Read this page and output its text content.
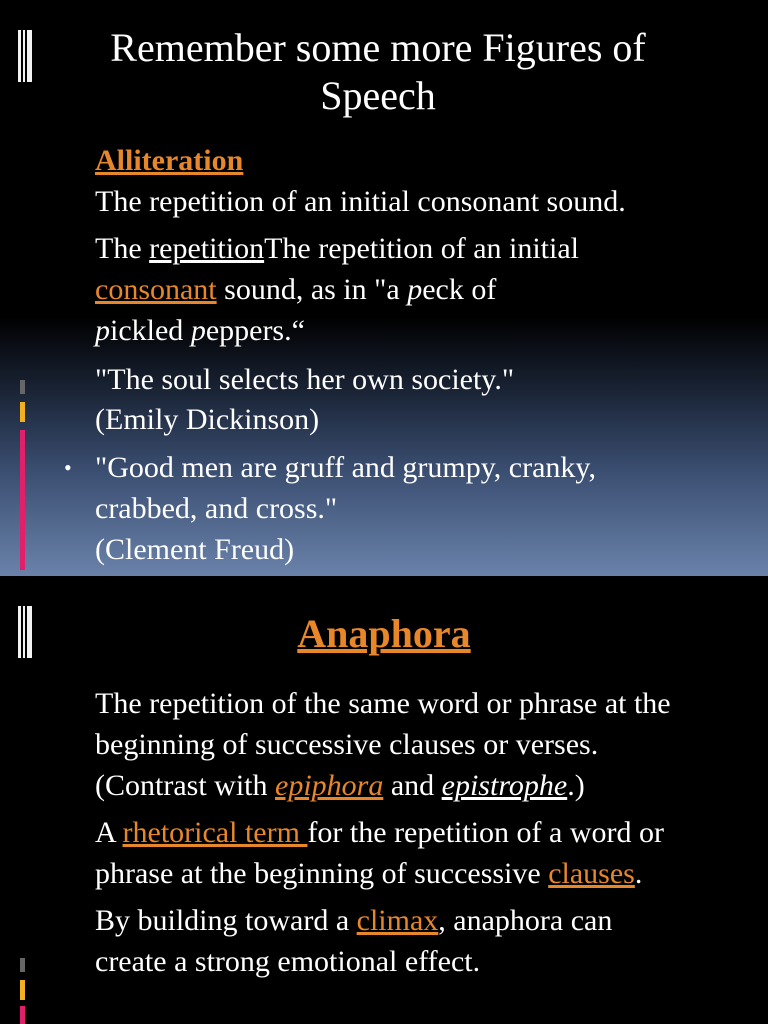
Remember some more Figures of
Speech
Alliteration
The repetition of an initial consonant sound.
The repetitionThe repetition of an initial
consonant sound, as in "a peck of
pickled peppers.“
"The soul selects her own society."
(Emily Dickinson)
• "Good men are gruff and grumpy, cranky,
crabbed, and cross."
(Clement Freud)
Anaphora
The repetition of the same word or phrase at the
beginning of successive clauses or verses.
(Contrast with epiphora and epistrophe.)
A rhetorical term for the repetition of a word or
phrase at the beginning of successive clauses.
By building toward a climax, anaphora can
create a strong emotional effect.
